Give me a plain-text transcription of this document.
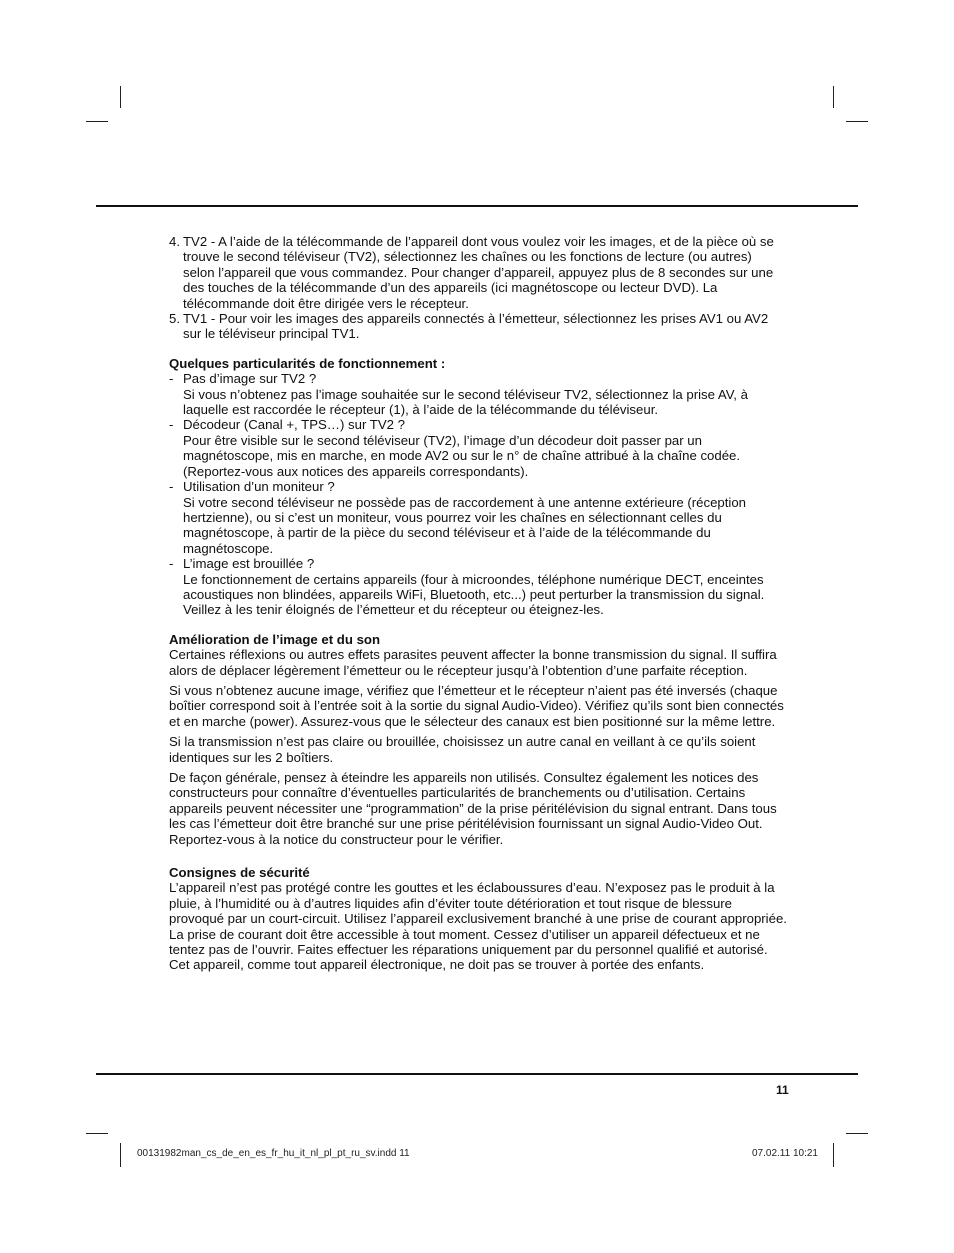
4. TV2 - A l’aide de la télécommande de l’appareil dont vous voulez voir les images, et de la pièce où se trouve le second téléviseur (TV2), sélectionnez les chaînes ou les fonctions de lecture (ou autres) selon l’appareil que vous commandez. Pour changer d’appareil, appuyez plus de 8 secondes sur une des touches de la télécommande d’un des appareils (ici magnétoscope ou lecteur DVD). La télécommande doit être dirigée vers le récepteur.
5. TV1 - Pour voir les images des appareils connectés à l’émetteur, sélectionnez les prises AV1 ou AV2 sur le téléviseur principal TV1.
Quelques particularités de fonctionnement :
- Pas d’image sur TV2 ?
Si vous n’obtenez pas l’image souhaitée sur le second téléviseur TV2, sélectionnez la prise AV, à laquelle est raccordée le récepteur (1), à l’aide de la télécommande du téléviseur.
- Décodeur (Canal +, TPS…) sur TV2 ?
Pour être visible sur le second téléviseur (TV2), l’image d’un décodeur doit passer par un magnétoscope, mis en marche, en mode AV2 ou sur le n° de chaîne attribué à la chaîne codée. (Reportez-vous aux notices des appareils correspondants).
- Utilisation d’un moniteur ?
Si votre second téléviseur ne possède pas de raccordement à une antenne extérieure (réception hertzienne), ou si c’est un moniteur, vous pourrez voir les chaînes en sélectionnant celles du magnétoscope, à partir de la pièce du second téléviseur et à l’aide de la télécommande du magnétoscope.
- L’image est brouillée ?
Le fonctionnement de certains appareils (four à microondes, téléphone numérique DECT, enceintes acoustiques non blindées, appareils WiFi, Bluetooth, etc...) peut perturber la transmission du signal. Veillez à les tenir éloignés de l’émetteur et du récepteur ou éteignez-les.
Amélioration de l’image et du son

Certaines réflexions ou autres effets parasites peuvent affecter la bonne transmission du signal. Il suffira alors de déplacer légèrement l’émetteur ou le récepteur jusqu’à l’obtention d’une parfaite réception.

Si vous n’obtenez aucune image, vérifiez que l’émetteur et le récepteur n’aient pas été inversés (chaque boîtier correspond soit à l’entrée soit à la sortie du signal Audio-Video). Vérifiez qu’ils sont bien connectés et en marche (power). Assurez-vous que le sélecteur des canaux est bien positionné sur la même lettre.

Si la transmission n’est pas claire ou brouillée, choisissez un autre canal en veillant à ce qu’ils soient identiques sur les 2 boîtiers.

De façon générale, pensez à éteindre les appareils non utilisés. Consultez également les notices des constructeurs pour connaître d’éventuelles particularités de branchements ou d’utilisation. Certains appareils peuvent nécessiter une “programmation” de la prise péritélévision du signal entrant. Dans tous les cas l’émetteur doit être branché sur une prise péritélévision fournissant un signal Audio-Video Out. Reportez-vous à la notice du constructeur pour le vérifier.

Consignes de sécurité

L’appareil n’est pas protégé contre les gouttes et les éclaboussures d’eau. N’exposez pas le produit à la pluie, à l’humidité ou à d’autres liquides afin d’éviter toute détérioration et tout risque de blessure provoqué par un court-circuit. Utilisez l’appareil exclusivement branché à une prise de courant appropriée. La prise de courant doit être accessible à tout moment. Cessez d’utiliser un appareil défectueux et ne tentez pas de l’ouvrir. Faites effectuer les réparations uniquement par du personnel qualifié et autorisé. Cet appareil, comme tout appareil électronique, ne doit pas se trouver à portée des enfants.

11
00131982man_cs_de_en_es_fr_hu_it_nl_pl_pt_ru_sv.indd 11	07.02.11 10:21
